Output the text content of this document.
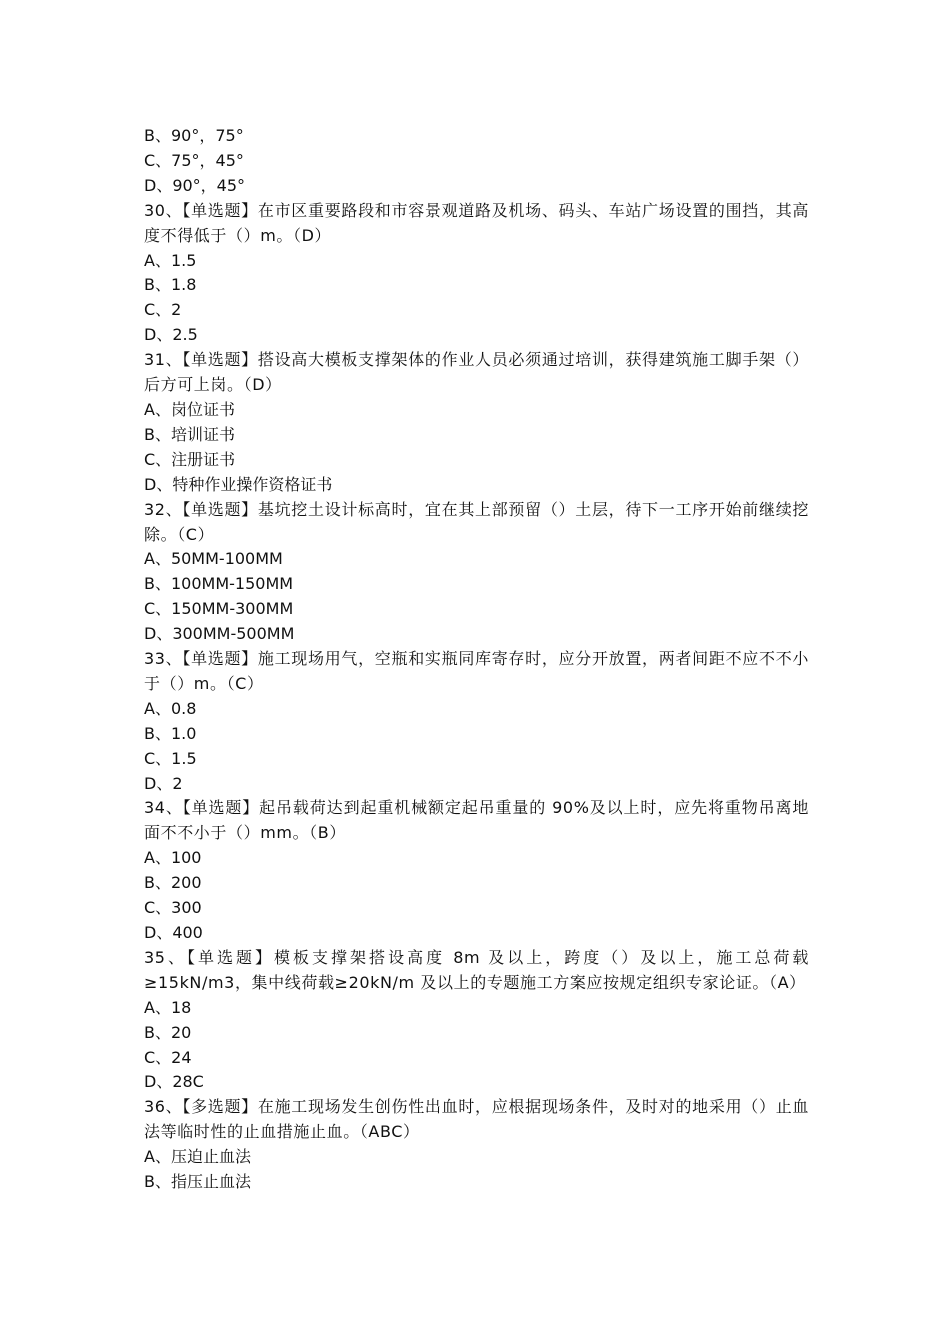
B、90°，75°
C、75°，45°
D、90°，45°
30、【单选题】在市区重要路段和市容景观道路及机场、码头、车站广场设置的围挡，其高度不得低于（）m。（D）
A、1.5
B、1.8
C、2
D、2.5
31、【单选题】搭设高大模板支撑架体的作业人员必须通过培训，获得建筑施工脚手架（）后方可上岗。（D）
A、岗位证书
B、培训证书
C、注册证书
D、特种作业操作资格证书
32、【单选题】基坑挖土设计标高时，宜在其上部预留（）土层，待下一工序开始前继续挖除。（C）
A、50MM-100MM
B、100MM-150MM
C、150MM-300MM
D、300MM-500MM
33、【单选题】施工现场用气，空瓶和实瓶同库寄存时，应分开放置，两者间距不应不不小于（）m。（C）
A、0.8
B、1.0
C、1.5
D、2
34、【单选题】起吊载荷达到起重机械额定起吊重量的 90%及以上时，应先将重物吊离地面不不小于（）mm。（B）
A、100
B、200
C、300
D、400
35、【单选题】模板支撑架搭设高度 8m 及以上，跨度（）及以上，施工总荷载≥15kN/m3，集中线荷载≥20kN/m 及以上的专题施工方案应按规定组织专家论证。（A）
A、18
B、20
C、24
D、28C
36、【多选题】在施工现场发生创伤性出血时，应根据现场条件，及时对的地采用（）止血法等临时性的止血措施止血。（ABC）
A、压迫止血法
B、指压止血法
